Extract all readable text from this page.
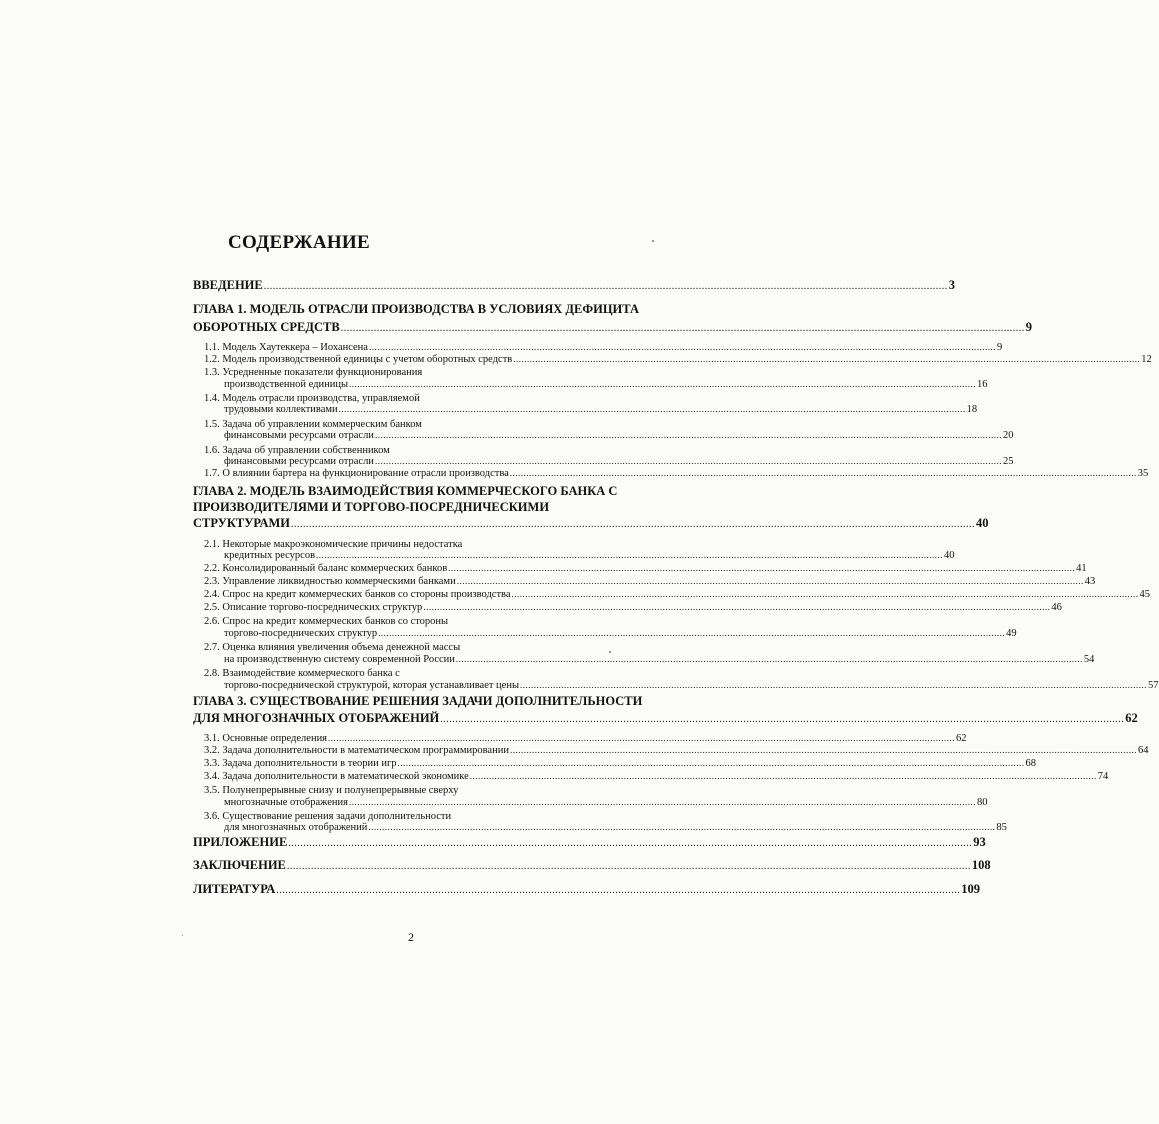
СОДЕРЖАНИЕ
ВВЕДЕНИЕ .....	3
ГЛАВА 1. МОДЕЛЬ ОТРАСЛИ ПРОИЗВОДСТВА В УСЛОВИЯХ ДЕФИЦИТА
ОБОРОТНЫХ СРЕДСТВ .....	9
1.1. Модель Хаутеккера – Иохансена .....	9
1.2. Модель производственной единицы с учетом оборотных средств .....	12
1.3. Усредненные показатели функционирования
производственной единицы .....	16
1.4. Модель отрасли производства, управляемой
трудовыми коллективами .....	18
1.5. Задача об управлении коммерческим банком
финансовыми ресурсами отрасли .....	20
1.6. Задача об управлении собственником
финансовыми ресурсами отрасли .....	25
1.7. О влиянии бартера на функционирование отрасли производства .....	35
ГЛАВА 2. МОДЕЛЬ ВЗАИМОДЕЙСТВИЯ КОММЕРЧЕСКОГО БАНКА С
ПРОИЗВОДИТЕЛЯМИ И ТОРГОВО-ПОСРЕДНИЧЕСКИМИ
СТРУКТУРАМИ .....	40
2.1. Некоторые макроэкономические причины недостатка
кредитных ресурсов .....	40
2.2. Консолидированный баланс коммерческих банков .....	41
2.3. Управление ликвидностью коммерческими банками .....	43
2.4. Спрос на кредит коммерческих банков со стороны производства .....	45
2.5. Описание торгово-посреднических структур .....	46
2.6. Спрос на кредит коммерческих банков со стороны
торгово-посреднических структур .....	49
2.7. Оценка влияния увеличения объема денежной массы
на производственную систему современной России .....	54
2.8. Взаимодействие коммерческого банка с
торгово-посреднической структурой, которая устанавливает цены .....	57
ГЛАВА 3. СУЩЕСТВОВАНИЕ РЕШЕНИЯ ЗАДАЧИ ДОПОЛНИТЕЛЬНОСТИ
ДЛЯ МНОГОЗНАЧНЫХ ОТОБРАЖЕНИЙ .....	62
3.1. Основные определения .....	62
3.2. Задача дополнительности в математическом программировании .....	64
3.3. Задача дополнительности в теории игр .....	68
3.4. Задача дополнительности в математической экономике .....	74
3.5. Полунепрерывные снизу и полунепрерывные сверху
многозначные отображения .....	80
3.6. Существование решения задачи дополнительности
для многозначных отображений .....	85
ПРИЛОЖЕНИЕ .....	93
ЗАКЛЮЧЕНИЕ .....	108
ЛИТЕРАТУРА .....	109
2
